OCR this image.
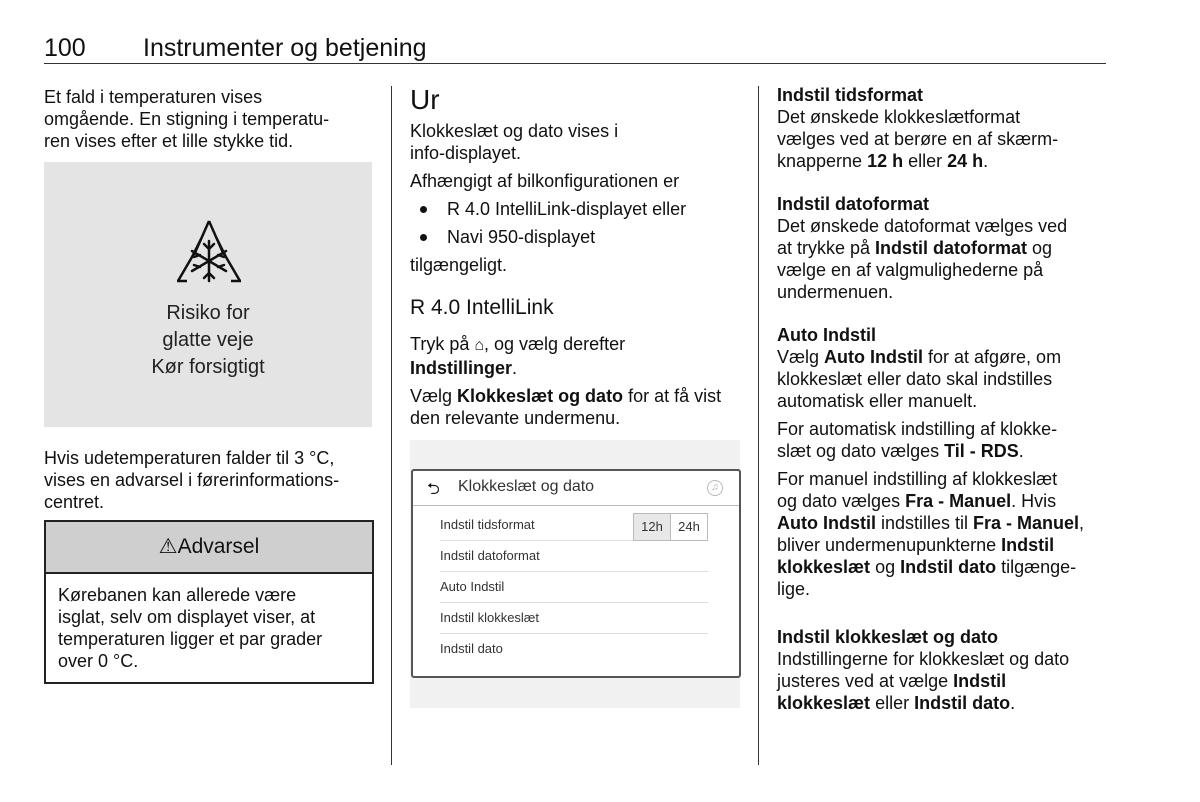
100 Instrumenter og betjening

Et fald i temperaturen vises

omgående. En stigning i temperatu-

ren vises efter et lille stykke tid.

Risiko for
glatte veje
Kør forsigtigt

Hvis udetemperaturen falder til 3 °C,

vises en advarsel i førerinformations-

centret.

⚠Advarsel
Kørebanen kan allerede være
isglat, selv om displayet viser, at
temperaturen ligger et par grader
over 0 °C.
Ur

Klokkeslæt og dato vises i

info-displayet.

Afhængigt af bilkonfigurationen er

R 4.0 IntelliLink-displayet eller
Navi 950-displayet

tilgængeligt.

R 4.0 IntelliLink

Tryk på ⌂, og vælg derefter

Indstillinger.

Vælg Klokkeslæt og dato for at få vist

den relevante undermenu.

⮌ Klokkeslæt og dato	♫
Indstil tidsformat	12h	24h
Indstil datoformat
Auto Indstil
Indstil klokkeslæt
Indstil dato

Indstil tidsformat

Det ønskede klokkeslætformat

vælges ved at berøre en af skærm-

knapperne 12 h eller 24 h.

Indstil datoformat

Det ønskede datoformat vælges ved

at trykke på Indstil datoformat og

vælge en af valgmulighederne på

undermenuen.

Auto Indstil

Vælg Auto Indstil for at afgøre, om

klokkeslæt eller dato skal indstilles

automatisk eller manuelt.

For automatisk indstilling af klokke-

slæt og dato vælges Til - RDS.

For manuel indstilling af klokkeslæt

og dato vælges Fra - Manuel. Hvis

Auto Indstil indstilles til Fra - Manuel,

bliver undermenupunkterne Indstil

klokkeslæt og Indstil dato tilgænge-

lige.

Indstil klokkeslæt og dato

Indstillingerne for klokkeslæt og dato

justeres ved at vælge Indstil

klokkeslæt eller Indstil dato.
